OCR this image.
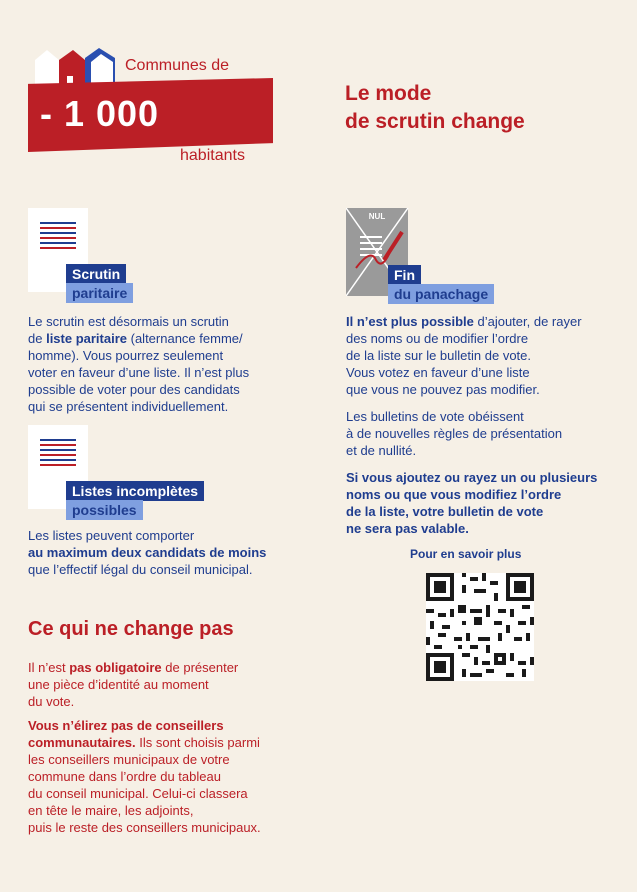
Communes de
- 1 000
habitants
Le mode
de scrutin change
Scrutin
paritaire

Le scrutin est désormais un scrutin

de liste paritaire (alternance femme/

homme). Vous pourrez seulement

voter en faveur d’une liste. Il n’est plus

possible de voter pour des candidats

qui se présentent individuellement.

Listes incomplètes
possibles

Les listes peuvent comporter

au maximum deux candidats de moins

que l’effectif légal du conseil municipal.

Ce qui ne change pas

Il n’est pas obligatoire de présenter

une pièce d’identité au moment

du vote.

Vous n’élirez pas de conseillers

communautaires. Ils sont choisis parmi

les conseillers municipaux de votre

commune dans l’ordre du tableau

du conseil municipal. Celui-ci classera

en tête le maire, les adjoints,

puis le reste des conseillers municipaux.

NUL
Fin
du panachage

Il n’est plus possible d’ajouter, de rayer

des noms ou de modifier l’ordre

de la liste sur le bulletin de vote.

Vous votez en faveur d’une liste

que vous ne pouvez pas modifier.

Les bulletins de vote obéissent

à de nouvelles règles de présentation

et de nullité.

Si vous ajoutez ou rayez un ou plusieurs

noms ou que vous modifiez l’ordre

de la liste, votre bulletin de vote

ne sera pas valable.

Pour en savoir plus
